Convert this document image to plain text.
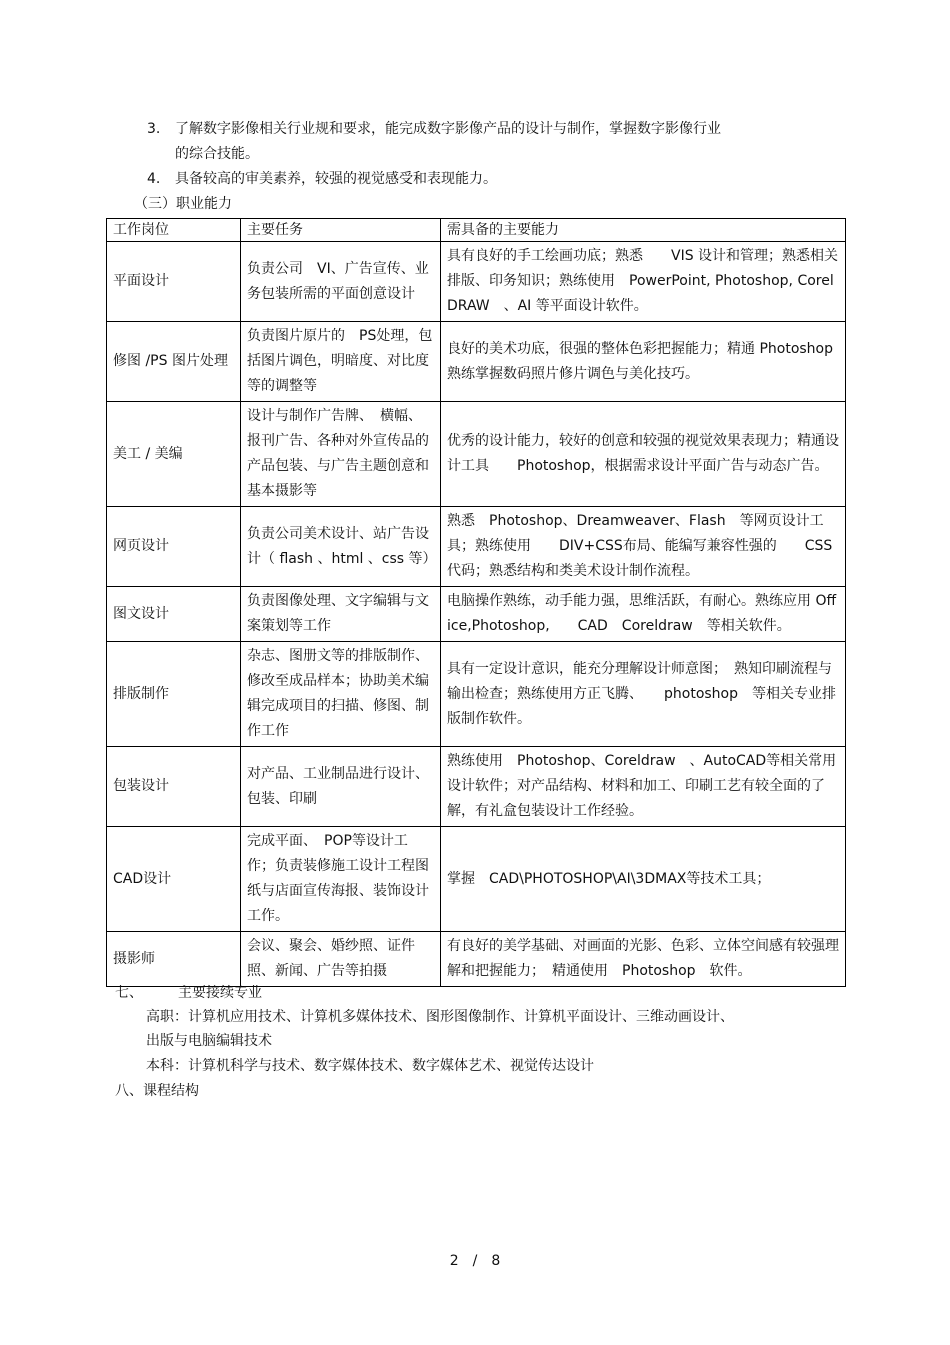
3. 了解数字影像相关行业规和要求，能完成数字影像产品的设计与制作，掌握数字影像行业
的综合技能。
4. 具备较高的审美素养，较强的视觉感受和表现能力。
（三）职业能力
工作岗位	主要任务	需具备的主要能力
平面设计	负责公司　VI、广告宣传、业务包装所需的平面创意设计	具有良好的手工绘画功底；熟悉　　VIS 设计和管理；熟悉相关排版、印务知识；熟练使用　PowerPoint, Photoshop, CorelDRAW　、AI 等平面设计软件。
修图 /PS 图片处理	负责图片原片的　PS处理，包括图片调色，明暗度、对比度等的调整等	良好的美术功底，很强的整体色彩把握能力；精通 Photoshop　熟练掌握数码照片修片调色与美化技巧。
美工 / 美编	设计与制作广告牌、　横幅、报刊广告、各种对外宣传品的产品包装、与广告主题创意和基本摄影等	优秀的设计能力，较好的创意和较强的视觉效果表现力；精通设计工具　　Photoshop，根据需求设计平面广告与动态广告。
网页设计	负责公司美术设计、站广告设计（ flash 、html 、css 等）	熟悉　Photoshop、Dreamweaver、Flash　等网页设计工具；熟练使用　　DIV+CSS布局、能编写兼容性强的　　CSS 代码；熟悉结构和类美术设计制作流程。
图文设计	负责图像处理、文字编辑与文案策划等工作	电脑操作熟练，动手能力强，思维活跃，有耐心。熟练应用 Office,Photoshop,　　CAD　Coreldraw　等相关软件。
排版制作	杂志、图册文等的排版制作、修改至成品样本；协助美术编辑完成项目的扫描、修图、制作工作	具有一定设计意识，能充分理解设计师意图；　熟知印刷流程与输出检查；熟练使用方正飞腾、　　photoshop　等相关专业排版制作软件。
包装设计	对产品、工业制品进行设计、包装、印刷	熟练使用　Photoshop、Coreldraw　、AutoCAD等相关常用设计软件；对产品结构、材料和加工、印刷工艺有较全面的了解，有礼盒包装设计工作经验。
CAD设计	完成平面、　POP等设计工作；负责装修施工设计工程图纸与店面宣传海报、装饰设计工作。	掌握　CAD\PHOTOSHOP\AI\3DMAX等技术工具；
摄影师	会议、聚会、婚纱照、证件照、新闻、广告等拍摄	有良好的美学基础、对画面的光影、色彩、立体空间感有较强理解和把握能力；　精通使用　Photoshop　软件。
七、　　　主要接续专业
高职：计算机应用技术、计算机多媒体技术、图形图像制作、计算机平面设计、三维动画设计、
出版与电脑编辑技术
本科：计算机科学与技术、数字媒体技术、数字媒体艺术、视觉传达设计
八、课程结构
2　/　8
